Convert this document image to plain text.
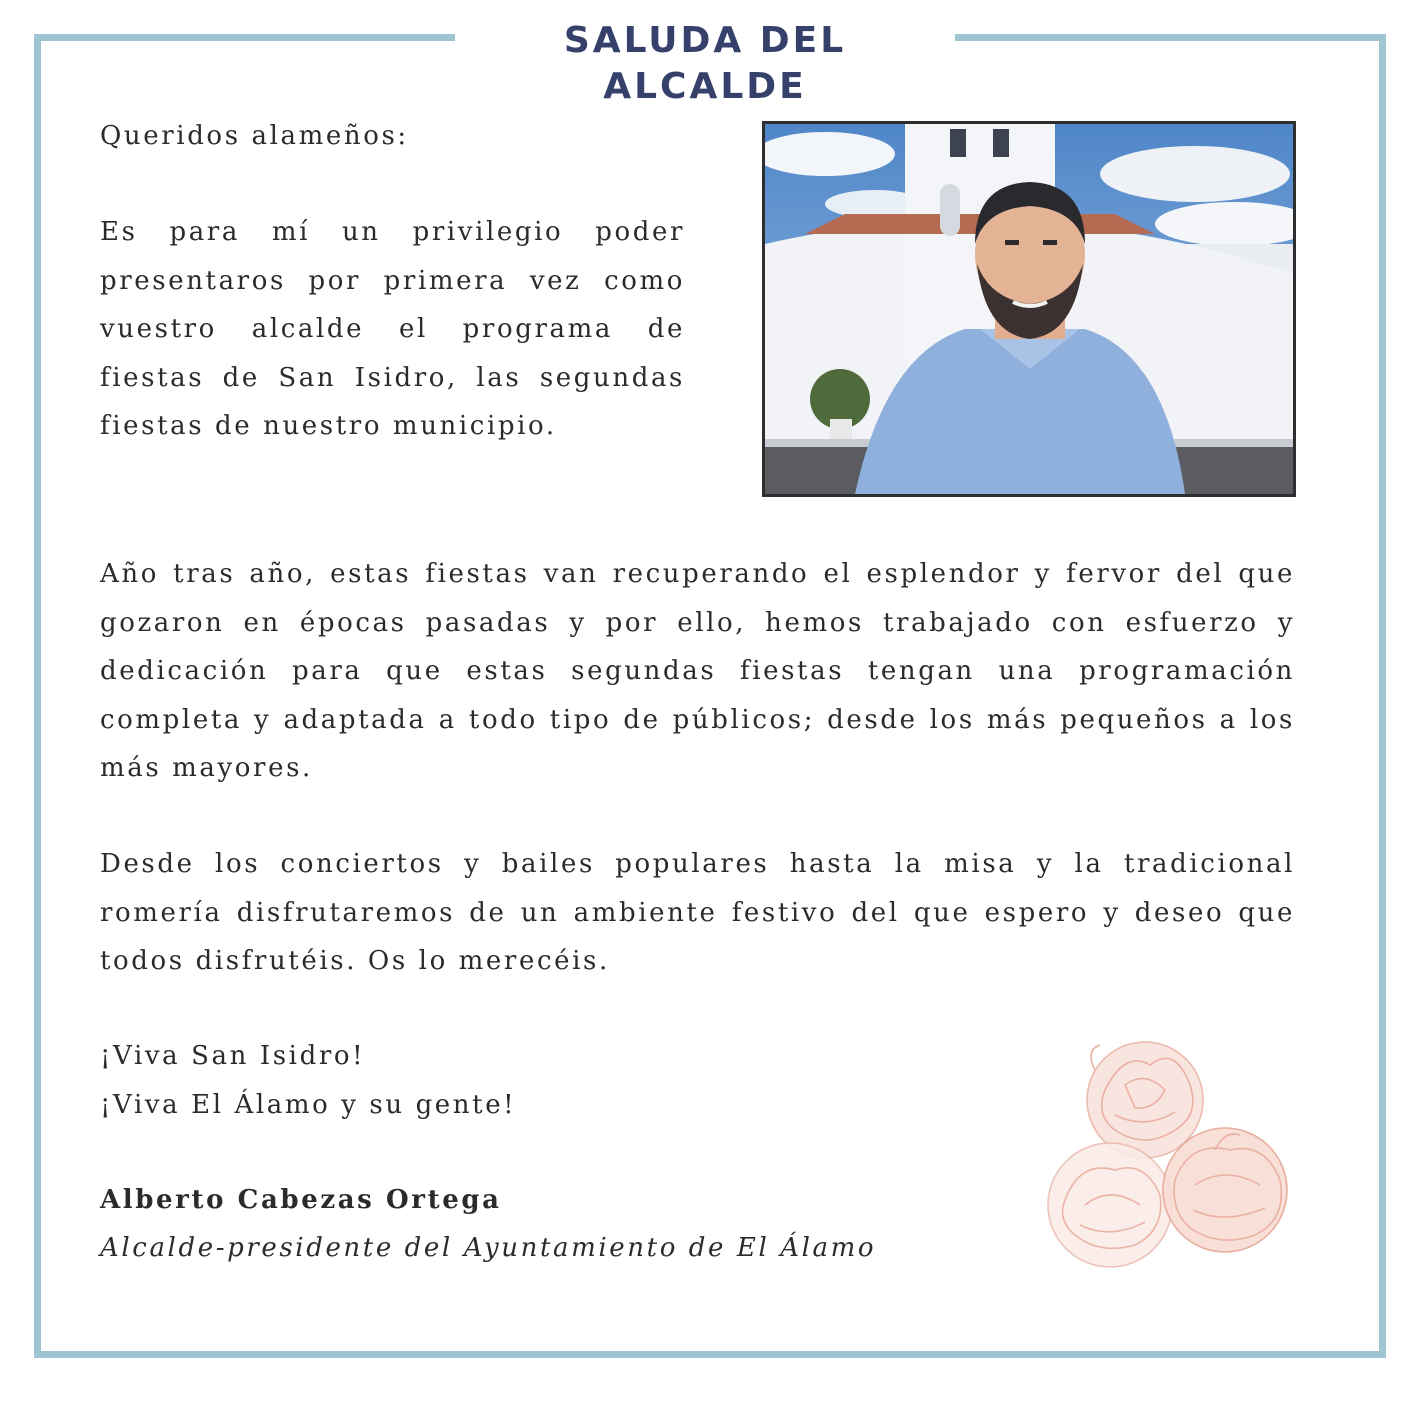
SALUDA DEL ALCALDE
Queridos alameños:
Es para mí un privilegio poder presentaros por primera vez como vuestro alcalde el programa de fiestas de San Isidro, las segundas fiestas de nuestro municipio.
Año tras año, estas fiestas van recuperando el esplendor y fervor del que gozaron en épocas pasadas y por ello, hemos trabajado con esfuerzo y dedicación para que estas segundas fiestas tengan una programación completa y adaptada a todo tipo de públicos; desde los más pequeños a los más mayores.
Desde los conciertos y bailes populares hasta la misa y la tradicional romería disfrutaremos de un ambiente festivo del que espero y deseo que todos disfrutéis. Os lo merecéis.
¡Viva San Isidro!
¡Viva El Álamo y su gente!
Alberto Cabezas Ortega
Alcalde-presidente del Ayuntamiento de El Álamo
